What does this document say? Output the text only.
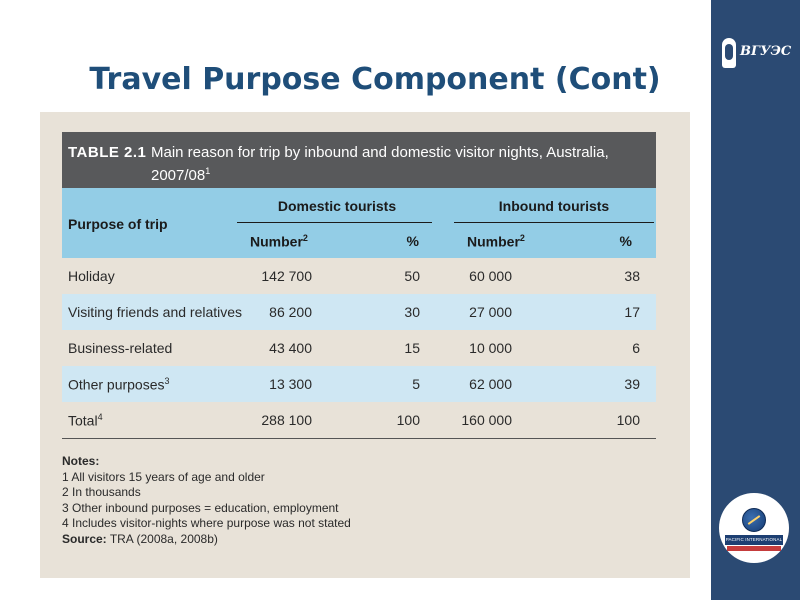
Travel Purpose Component (Cont)
ВГУЭС
PACIFIC INTERNATIONAL
TABLE 2.1 Main reason for trip by inbound and domestic visitor nights, Australia, $2007/08^1$
Purpose of trip
Domestic tourists	Inbound tourists
Number$^2$	%	Number$^2$	%
Holiday	142 700	50	60 000	38
Visiting friends and relatives	86 200	30	27 000	17
Business-related	43 400	15	10 000	6
Other purposes$^3$	13 300	5	62 000	39
Total$^4$	288 100	100	160 000	100
Notes:
1 All visitors 15 years of age and older
2 In thousands
3 Other inbound purposes = education, employment
4 Includes visitor-nights where purpose was not stated
Source: TRA (2008a, 2008b)
